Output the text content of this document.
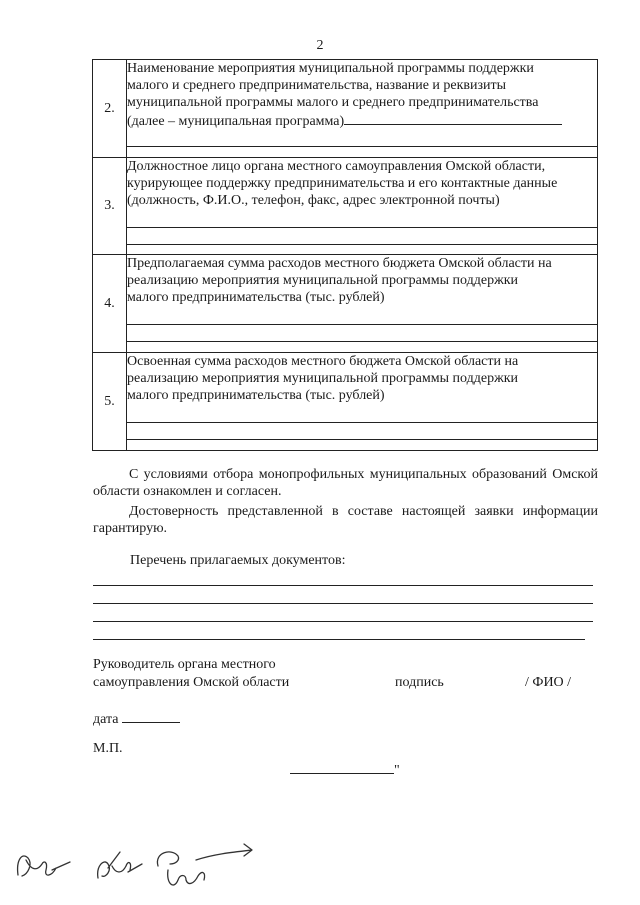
2
2.	Наименование мероприятия муниципальной программы поддержки
малого и среднего предпринимательства, название и реквизиты
муниципальной программы малого и среднего предпринимательства
(далее – муниципальная программа)

3.	Должностное лицо органа местного самоуправления Омской области,
курирующее поддержку предпринимательства и его контактные данные
(должность, Ф.И.О., телефон, факс, адрес электронной почты)

4.	Предполагаемая сумма расходов местного бюджета Омской области на
реализацию мероприятия муниципальной программы поддержки
малого предпринимательства (тыс. рублей)

5.	Освоенная сумма расходов местного бюджета Омской области на
реализацию мероприятия муниципальной программы поддержки
малого предпринимательства (тыс. рублей)
С условиями отбора монопрофильных муниципальных образований Омской области ознакомлен и согласен.
Достоверность представленной в составе настоящей заявки информации гарантирую.
Перечень прилагаемых документов:
Руководитель органа местного
самоуправления Омской области	подпись	/ ФИО /
дата
М.П.
"
